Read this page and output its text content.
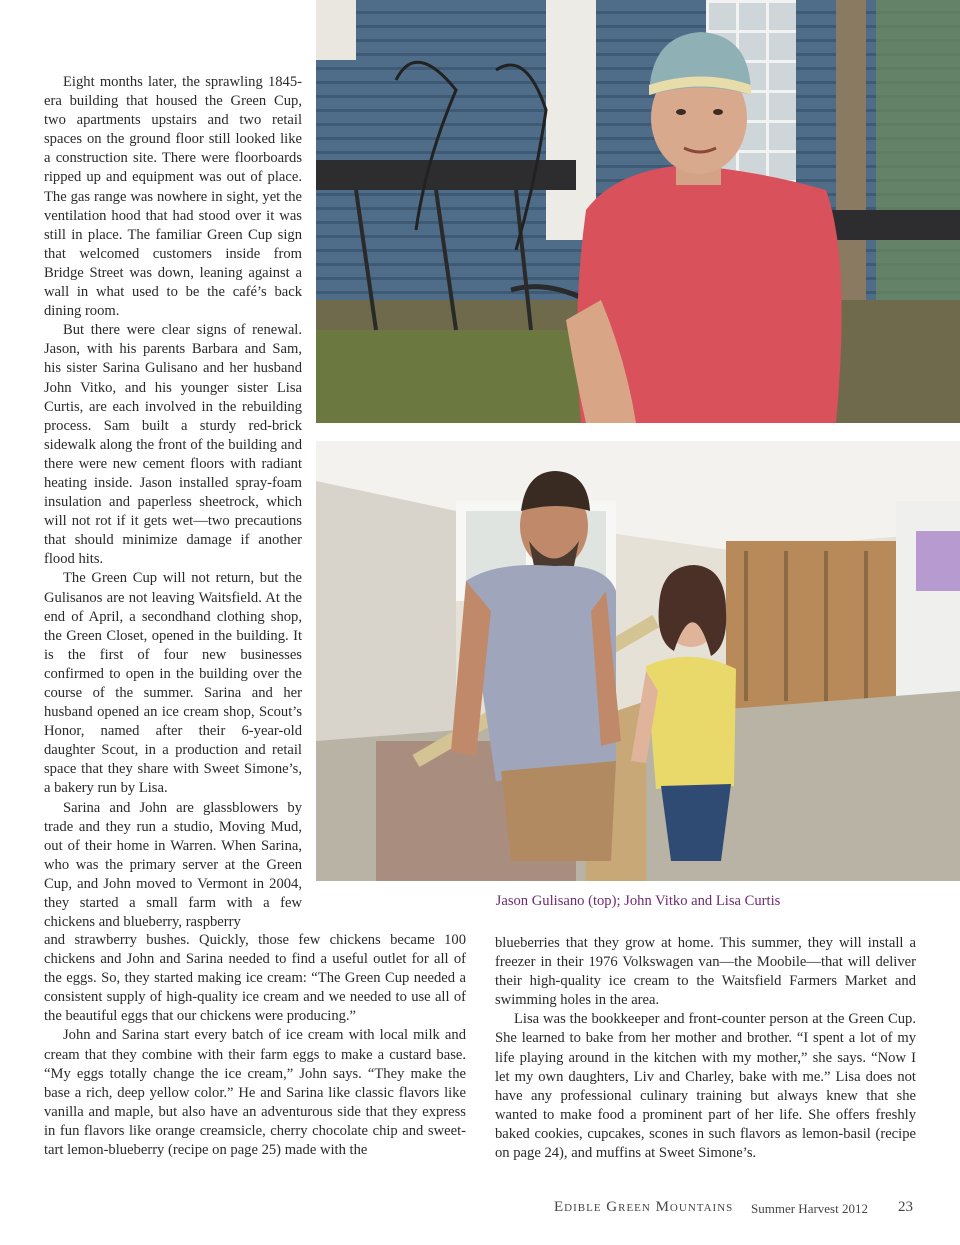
Eight months later, the sprawling 1845-era building that housed the Green Cup, two apartments upstairs and two retail spaces on the ground floor still looked like a construction site. There were floorboards ripped up and equipment was out of place. The gas range was nowhere in sight, yet the ventilation hood that had stood over it was still in place. The familiar Green Cup sign that welcomed customers inside from Bridge Street was down, leaning against a wall in what used to be the café’s back dining room.

But there were clear signs of renewal. Jason, with his parents Barbara and Sam, his sister Sarina Gulisano and her husband John Vitko, and his younger sister Lisa Curtis, are each involved in the rebuilding process. Sam built a sturdy red-brick sidewalk along the front of the building and there were new cement floors with radiant heating inside. Jason installed spray-foam insulation and paperless sheetrock, which will not rot if it gets wet—two precautions that should minimize damage if another flood hits.

The Green Cup will not return, but the Gulisanos are not leaving Waitsfield. At the end of April, a secondhand clothing shop, the Green Closet, opened in the building. It is the first of four new businesses confirmed to open in the building over the course of the summer. Sarina and her husband opened an ice cream shop, Scout’s Honor, named after their 6-year-old daughter Scout, in a production and retail space that they share with Sweet Simone’s, a bakery run by Lisa.

Sarina and John are glassblowers by trade and they run a studio, Moving Mud, out of their home in Warren. When Sarina, who was the primary server at the Green Cup, and John moved to Vermont in 2004, they started a small farm with a few chickens and blueberry, raspberry

Jason Gulisano (top); John Vitko and Lisa Curtis

and strawberry bushes. Quickly, those few chickens became 100 chickens and John and Sarina needed to find a useful outlet for all of the eggs. So, they started making ice cream: “The Green Cup needed a consistent supply of high-quality ice cream and we needed to use all of the beautiful eggs that our chickens were producing.”

John and Sarina start every batch of ice cream with local milk and cream that they combine with their farm eggs to make a custard base. “My eggs totally change the ice cream,” John says. “They make the base a rich, deep yellow color.” He and Sarina like classic flavors like vanilla and maple, but also have an adventurous side that they express in fun flavors like orange creamsicle, cherry chocolate chip and sweet-tart lemon-blueberry (recipe on page 25) made with the

blueberries that they grow at home. This summer, they will install a freezer in their 1976 Volkswagen van—the Moobile—that will deliver their high-quality ice cream to the Waitsfield Farmers Market and swimming holes in the area.

Lisa was the bookkeeper and front-counter person at the Green Cup. She learned to bake from her mother and brother. “I spent a lot of my life playing around in the kitchen with my mother,” she says. “Now I let my own daughters, Liv and Charley, bake with me.” Lisa does not have any professional culinary training but always knew that she wanted to make food a prominent part of her life. She offers freshly baked cookies, cupcakes, scones in such flavors as lemon-basil (recipe on page 24), and muffins at Sweet Simone’s.

Edible Green Mountains Summer Harvest 2012 23
